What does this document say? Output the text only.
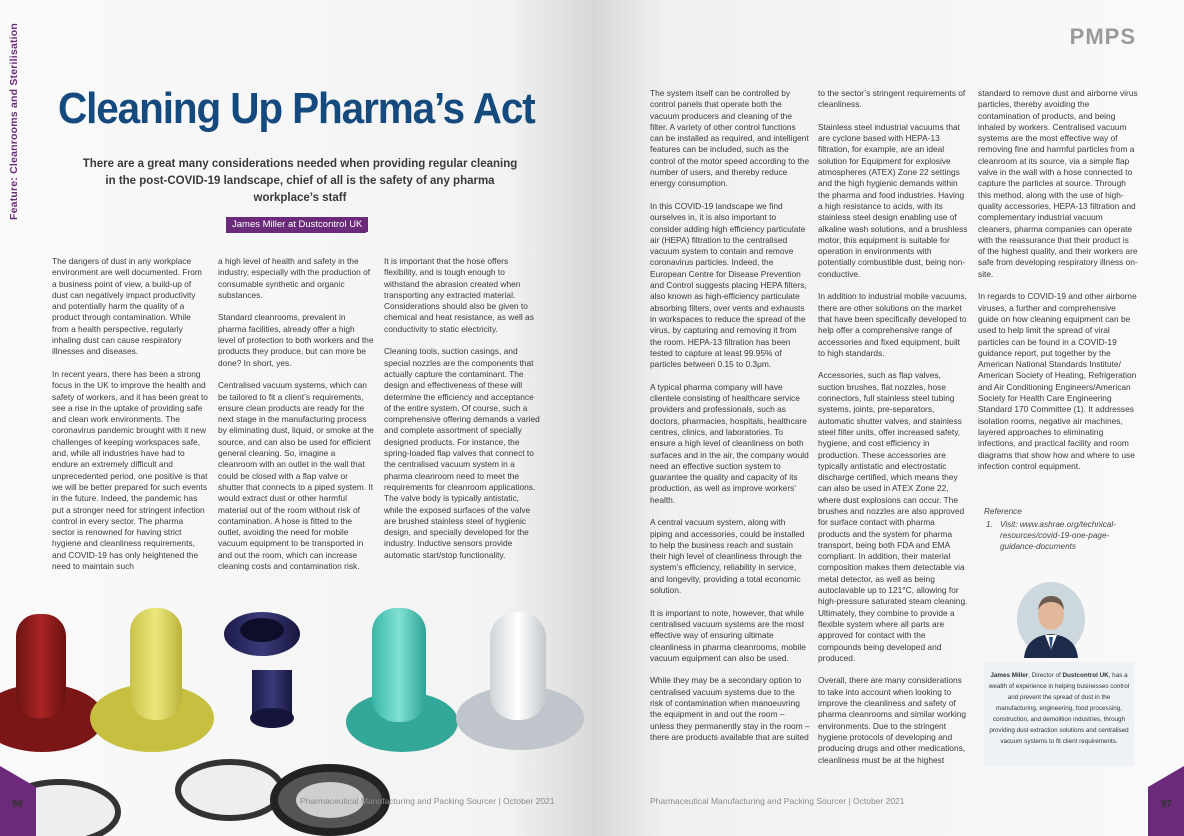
Feature: Cleanrooms and Sterilisation Cleaning Up Pharma’s Act
There are a great many considerations needed when providing regular cleaning in the post-COVID-19 landscape, chief of all is the safety of any pharma workplace’s staff
James Miller at Dustcontrol UK

The dangers of dust in any workplace environment are well documented. From a business point of view, a build-up of dust can negatively impact productivity and potentially harm the quality of a product through contamination. While from a health perspective, regularly inhaling dust can cause respiratory illnesses and diseases.

In recent years, there has been a strong focus in the UK to improve the health and safety of workers, and it has been great to see a rise in the uptake of providing safe and clean work environments. The coronavirus pandemic brought with it new challenges of keeping workspaces safe, and, while all industries have had to endure an extremely difficult and unprecedented period, one positive is that we will be better prepared for such events in the future. Indeed, the pandemic has put a stronger need for stringent infection control in every sector. The pharma sector is renowned for having strict hygiene and cleanliness requirements, and COVID-19 has only heightened the need to maintain such

a high level of health and safety in the industry, especially with the production of consumable synthetic and organic substances.

Standard cleanrooms, prevalent in pharma facilities, already offer a high level of protection to both workers and the products they produce, but can more be done? In short, yes.

Centralised vacuum systems, which can be tailored to fit a client’s requirements, ensure clean products are ready for the next stage in the manufacturing process by eliminating dust, liquid, or smoke at the source, and can also be used for efficient general cleaning. So, imagine a cleanroom with an outlet in the wall that could be closed with a flap valve or shutter that connects to a piped system. It would extract dust or other harmful material out of the room without risk of contamination. A hose is fitted to the outlet, avoiding the need for mobile vacuum equipment to be transported in and out the room, which can increase cleaning costs and contamination risk.

It is important that the hose offers flexibility, and is tough enough to withstand the abrasion created when transporting any extracted material. Considerations should also be given to chemical and heat resistance, as well as conductivity to static electricity.

Cleaning tools, suction casings, and special nozzles are the components that actually capture the contaminant. The design and effectiveness of these will determine the efficiency and acceptance of the entire system. Of course, such a comprehensive offering demands a varied and complete assortment of specially designed products. For instance, the spring-loaded flap valves that connect to the centralised vacuum system in a pharma cleanroom need to meet the requirements for cleanroom applications. The valve body is typically antistatic, while the exposed surfaces of the valve are brushed stainless steel of hygienic design, and specially developed for the industry. Inductive sensors provide automatic start/stop functionality.

96	Pharmaceutical Manufacturing and Packing Sourcer | October 2021
PMPS

The system itself can be controlled by control panels that operate both the vacuum producers and cleaning of the filter. A variety of other control functions can be installed as required, and intelligent features can be included, such as the control of the motor speed according to the number of users, and thereby reduce energy consumption.

In this COVID-19 landscape we find ourselves in, it is also important to consider adding high efficiency particulate air (HEPA) filtration to the centralised vacuum system to contain and remove coronavirus particles. Indeed, the European Centre for Disease Prevention and Control suggests placing HEPA filters, also known as high-efficiency particulate absorbing filters, over vents and exhausts in workspaces to reduce the spread of the virus, by capturing and removing it from the room. HEPA-13 filtration has been tested to capture at least 99.95% of particles between 0.15 to 0.3μm.

A typical pharma company will have clientele consisting of healthcare service providers and professionals, such as doctors, pharmacies, hospitals, healthcare centres, clinics, and laboratories. To ensure a high level of cleanliness on both surfaces and in the air, the company would need an effective suction system to guarantee the quality and capacity of its production, as well as improve workers’ health.

A central vacuum system, along with piping and accessories, could be installed to help the business reach and sustain their high level of cleanliness through the system’s efficiency, reliability in service, and longevity, providing a total economic solution.

It is important to note, however, that while centralised vacuum systems are the most effective way of ensuring ultimate cleanliness in pharma cleanrooms, mobile vacuum equipment can also be used.

While they may be a secondary option to centralised vacuum systems due to the risk of contamination when manoeuvring the equipment in and out the room – unless they permanently stay in the room – there are products available that are suited

to the sector’s stringent requirements of cleanliness.

Stainless steel industrial vacuums that are cyclone based with HEPA-13 filtration, for example, are an ideal solution for Equipment for explosive atmospheres (ATEX) Zone 22 settings and the high hygienic demands within the pharma and food industries. Having a high resistance to acids, with its stainless steel design enabling use of alkaline wash solutions, and a brushless motor, this equipment is suitable for operation in environments with potentially combustible dust, being non-conductive.

In addition to industrial mobile vacuums, there are other solutions on the market that have been specifically developed to help offer a comprehensive range of accessories and fixed equipment, built to high standards.

Accessories, such as flap valves, suction brushes, flat nozzles, hose connectors, full stainless steel tubing systems, joints, pre-separators, automatic shutter valves, and stainless steel filter units, offer increased safety, hygiene, and cost efficiency in production. These accessories are typically antistatic and electrostatic discharge certified, which means they can also be used in ATEX Zone 22, where dust explosions can occur. The brushes and nozzles are also approved for surface contact with pharma products and the system for pharma transport, being both FDA and EMA compliant. In addition, their material composition makes them detectable via metal detector, as well as being autoclavable up to 121°C, allowing for high-pressure saturated steam cleaning. Ultimately, they combine to provide a flexible system where all parts are approved for contact with the compounds being developed and produced.

Overall, there are many considerations to take into account when looking to improve the cleanliness and safety of pharma cleanrooms and similar working environments. Due to the stringent hygiene protocols of developing and producing drugs and other medications, cleanliness must be at the highest

standard to remove dust and airborne virus particles, thereby avoiding the contamination of products, and being inhaled by workers. Centralised vacuum systems are the most effective way of removing fine and harmful particles from a cleanroom at its source, via a simple flap valve in the wall with a hose connected to capture the particles at source. Through this method, along with the use of high-quality accessories, HEPA-13 filtration and complementary industrial vacuum cleaners, pharma companies can operate with the reassurance that their product is of the highest quality, and their workers are safe from developing respiratory illness on-site.

In regards to COVID-19 and other airborne viruses, a further and comprehensive guide on how cleaning equipment can be used to help limit the spread of viral particles can be found in a COVID-19 guidance report, put together by the American National Standards Institute/ American Society of Heating, Refrigeration and Air Conditioning Engineers/American Society for Health Care Engineering Standard 170 Committee (1). It addresses isolation rooms, negative air machines, layered approaches to eliminating infections, and practical facility and room diagrams that show how and where to use infection control equipment.

Reference
1. Visit: www.ashrae.org/technical-resources/covid-19-one-page-guidance-documents
James Miller, Director of Dustcontrol UK, has a wealth of experience in helping businesses control and prevent the spread of dust in the manufacturing, engineering, food processing, construction, and demolition industries, through providing dust extraction solutions and centralised vacuum systems to fit client requirements.
97
Pharmaceutical Manufacturing and Packing Sourcer | October 2021
